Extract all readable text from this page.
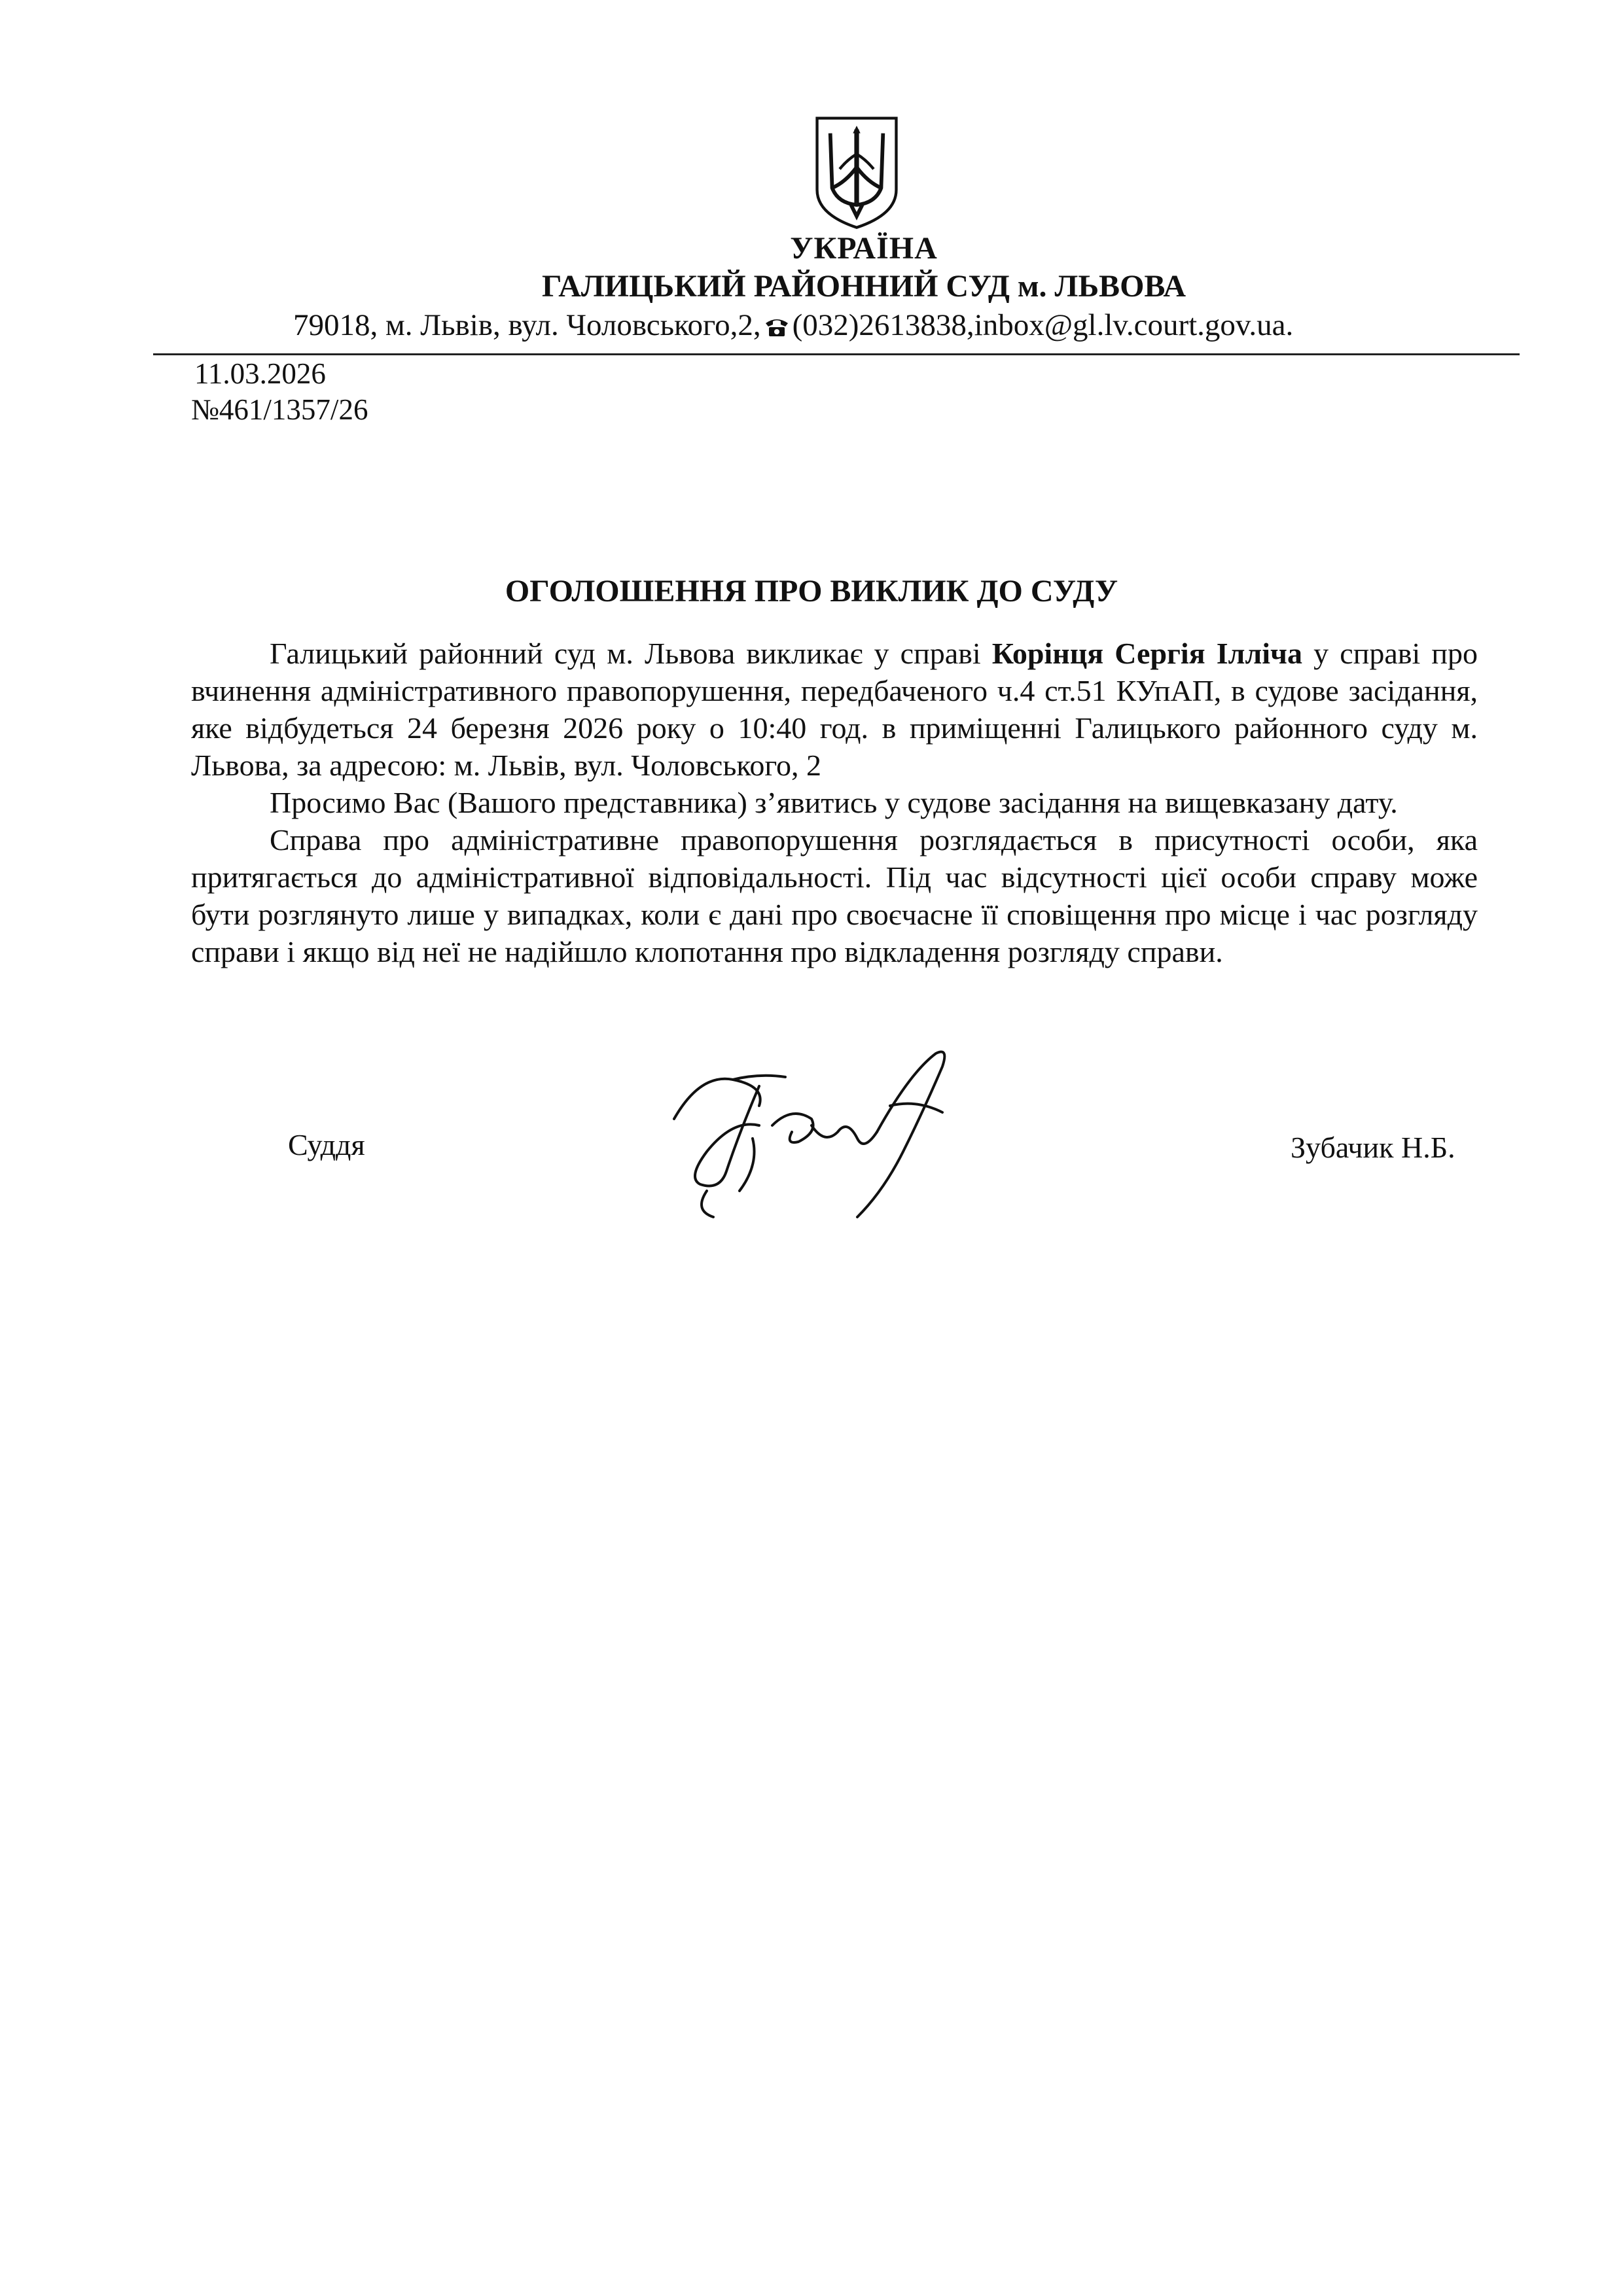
УКРАЇНА
ГАЛИЦЬКИЙ РАЙОННИЙ СУД м. ЛЬВОВА
79018, м. Львів, вул. Чоловського,2, (032)2613838,inbox@gl.lv.court.gov.ua.
11.03.2026
№461/1357/26
ОГОЛОШЕННЯ ПРО ВИКЛИК ДО СУДУ

Галицький районний суд м. Львова викликає у справі Корінця Сергія Ілліча у справі про вчинення адміністративного правопорушення, передбаченого ч.4 ст.51 КУпАП, в судове засідання, яке відбудеться 24 березня 2026 року о 10:40 год. в приміщенні Галицького районного суду м. Львова, за адресою: м. Львів, вул. Чоловського, 2

Просимо Вас (Вашого представника) з’явитись у судове засідання на вищевказану дату.

Справа про адміністративне правопорушення розглядається в присутності особи, яка притягається до адміністративної відповідальності. Під час відсутності цієї особи справу може бути розглянуто лише у випадках, коли є дані про своєчасне її сповіщення про місце і час розгляду справи і якщо від неї не надійшло клопотання про відкладення розгляду справи.

Суддя	Зубачик Н.Б.
